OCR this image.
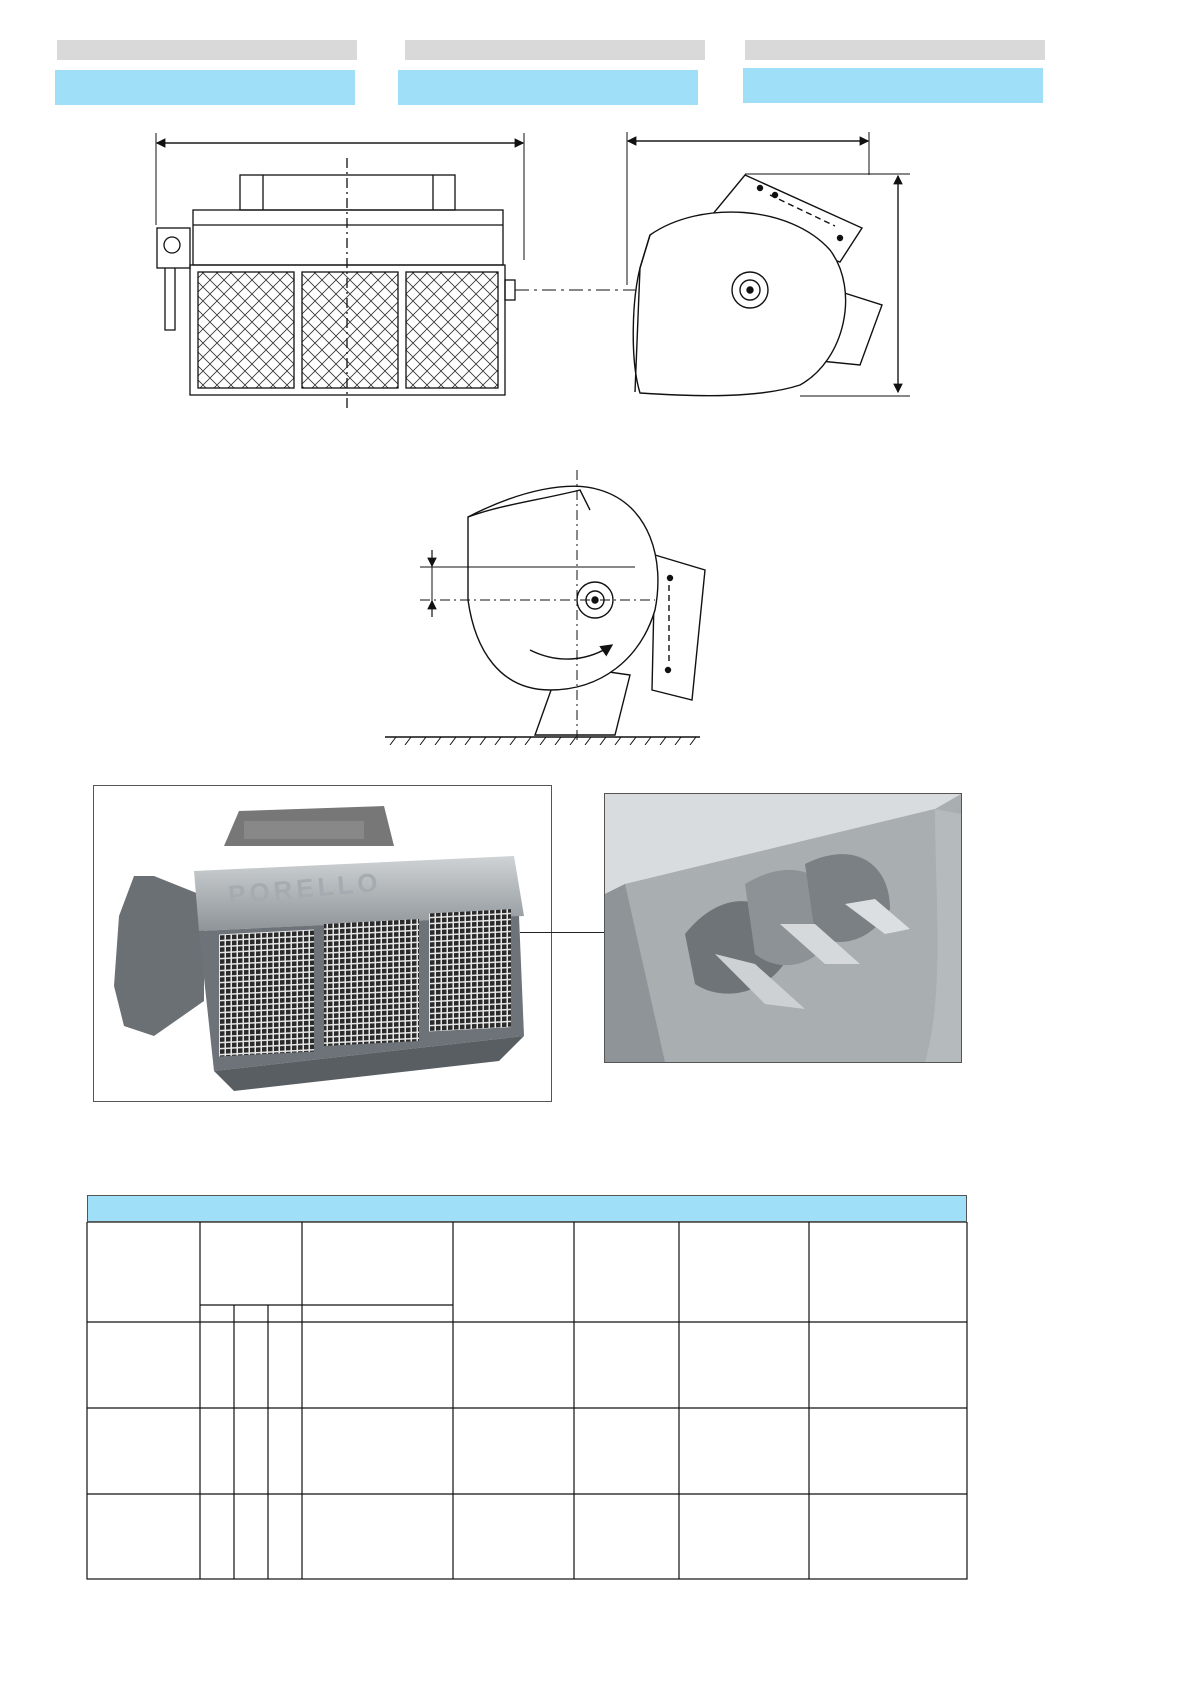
PORELLO
